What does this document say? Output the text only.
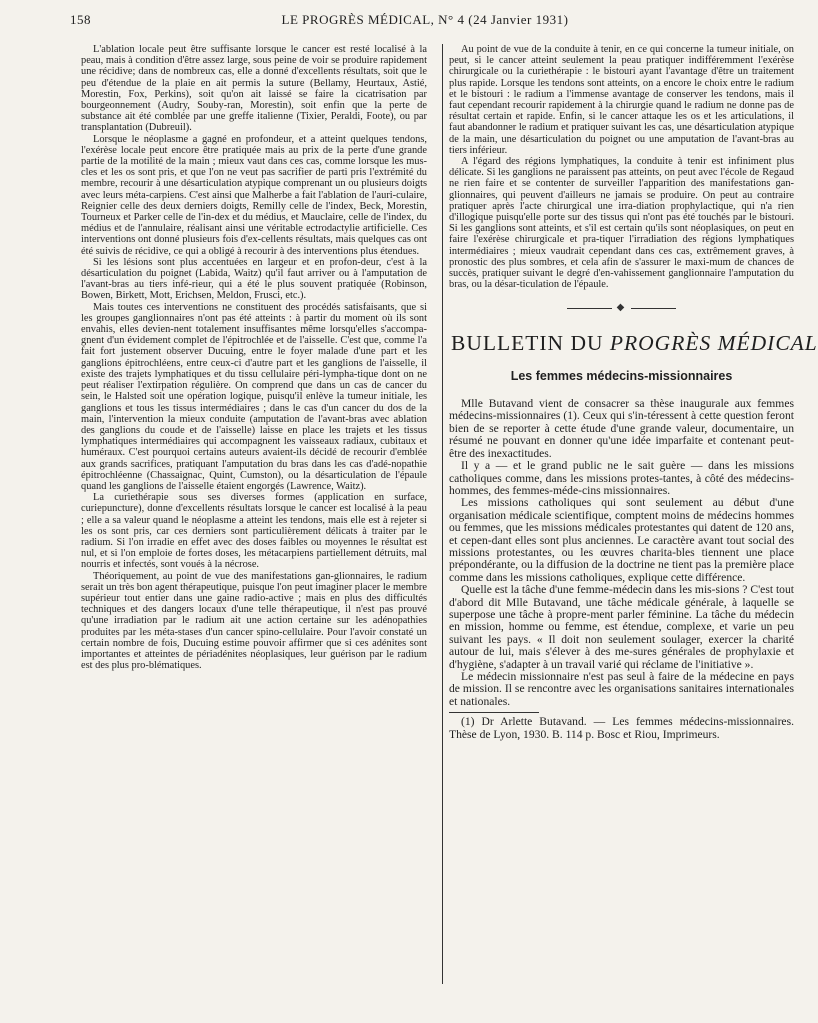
158	LE PROGRÈS MÉDICAL, N° 4 (24 Janvier 1931)

L'ablation locale peut être suffisante lorsque le cancer est resté localisé à la peau, mais à condition d'être assez large, sous peine de voir se produire rapidement une récidive; dans de nombreux cas, elle a donné d'excellents résultats, soit que le peu d'étendue de la plaie en ait permis la suture (Bellamy, Heurtaux, Astié, Morestin, Fox, Perkins), soit qu'on ait laissé se faire la cicatrisation par bourgeonnement (Audry, Souby-ran, Morestin), soit enfin que la perte de substance ait été comblée par une greffe italienne (Tixier, Peraldi, Foote), ou par transplantation (Dubreuil).

Lorsque le néoplasme a gagné en profondeur, et a atteint quelques tendons, l'exérèse locale peut encore être pratiquée mais au prix de la perte d'une grande partie de la motilité de la main ; mieux vaut dans ces cas, comme lorsque les mus-cles et les os sont pris, et que l'on ne veut pas sacrifier de parti pris l'extrémité du membre, recourir à une désarticulation atypique comprenant un ou plusieurs doigts avec leurs méta-carpiens. C'est ainsi que Malherbe a fait l'ablation de l'auri-culaire, Reignier celle des deux derniers doigts, Remilly celle de l'index, Beck, Morestin, Tourneux et Parker celle de l'in-dex et du médius, et Mauclaire, celle de l'index, du médius et de l'annulaire, réalisant ainsi une véritable ectrodactylie artificielle. Ces interventions ont donné plusieurs fois d'ex-cellents résultats, mais quelques cas ont été suivis de récidive, ce qui a obligé à recourir à des interventions plus étendues.

Si les lésions sont plus accentuées en largeur et en profon-deur, c'est à la désarticulation du poignet (Labida, Waitz) qu'il faut arriver ou à l'amputation de l'avant-bras au tiers infé-rieur, qui a été le plus souvent pratiquée (Robinson, Bowen, Birkett, Mott, Erichsen, Meldon, Frusci, etc.).

Mais toutes ces interventions ne constituent des procédés satisfaisants, que si les groupes ganglionnaires n'ont pas été atteints : à partir du moment où ils sont envahis, elles devien-nent totalement insuffisantes même lorsqu'elles s'accompa-gnent d'un évidement complet de l'épitrochlée et de l'aisselle. C'est que, comme l'a fait fort justement observer Ducuing, entre le foyer malade d'une part et les ganglions épitrochléens, entre ceux-ci d'autre part et les ganglions de l'aisselle, il existe des trajets lymphatiques et du tissu cellulaire péri-lympha-tique dont on ne peut réaliser l'extirpation régulière. On comprend que dans un cas de cancer du sein, le Halsted soit une opération logique, puisqu'il enlève la tumeur initiale, les ganglions et tous les tissus intermédiaires ; dans le cas d'un cancer du dos de la main, l'intervention la mieux conduite (amputation de l'avant-bras avec ablation des ganglions du coude et de l'aisselle) laisse en place les trajets et les tissus lymphatiques intermédiaires qui accompagnent les vaisseaux radiaux, cubitaux et huméraux. C'est pourquoi certains auteurs avaient-ils décidé de recourir d'emblée aux grands sacrifices, pratiquant l'amputation du bras dans les cas d'adé-nopathie épitrochléenne (Chassaignac, Quint, Cumston), ou la désarticulation de l'épaule quand les ganglions de l'aisselle étaient engorgés (Lawrence, Waitz).

La curiethérapie sous ses diverses formes (application en surface, curiepuncture), donne d'excellents résultats lorsque le cancer est localisé à la peau ; elle a sa valeur quand le néoplasme a atteint les tendons, mais elle est à rejeter si les os sont pris, car ces derniers sont particulièrement délicats à traiter par le radium. Si l'on irradie en effet avec des doses faibles ou moyennes le résultat est nul, et si l'on emploie de fortes doses, les métacarpiens partiellement détruits, mal nourris et infectés, sont voués à la nécrose.

Théoriquement, au point de vue des manifestations gan-glionnaires, le radium serait un très bon agent thérapeutique, puisque l'on peut imaginer placer le membre supérieur tout entier dans une gaine radio-active ; mais en plus des difficultés techniques et des dangers locaux d'une telle thérapeutique, il n'est pas prouvé qu'une irradiation par le radium ait une action certaine sur les adénopathies produites par les méta-stases d'un cancer spino-cellulaire. Pour l'avoir constaté un certain nombre de fois, Ducuing estime pouvoir affirmer que si ces adénites sont importantes et atteintes de périadénites néoplasiques, leur guérison par le radium est des plus pro-blématiques.

Au point de vue de la conduite à tenir, en ce qui concerne la tumeur initiale, on peut, si le cancer atteint seulement la peau pratiquer indifféremment l'exérèse chirurgicale ou la curiethérapie : le bistouri ayant l'avantage d'être un traitement plus rapide. Lorsque les tendons sont atteints, on a encore le choix entre le radium et le bistouri : le radium a l'immense avantage de conserver les tendons, mais il faut cependant recourir rapidement à la chirurgie quand le radium ne donne pas de résultat certain et rapide. Enfin, si le cancer attaque les os et les articulations, il faut abandonner le radium et pratiquer suivant les cas, une désarticulation atypique de la main, une désarticulation du poignet ou une amputation de l'avant-bras au tiers inférieur.

A l'égard des régions lymphatiques, la conduite à tenir est infiniment plus délicate. Si les ganglions ne paraissent pas atteints, on peut avec l'école de Regaud ne rien faire et se contenter de surveiller l'apparition des manifestations gan-glionnaires, qui peuvent d'ailleurs ne jamais se produire. On peut au contraire pratiquer après l'acte chirurgical une irra-diation prophylactique, qui n'a rien d'illogique puisqu'elle porte sur des tissus qui n'ont pas été touchés par le bistouri. Si les ganglions sont atteints, et s'il est certain qu'ils sont néoplasiques, on peut en faire l'exérèse chirurgicale et pra-tiquer l'irradiation des régions lymphatiques intermédiaires ; mieux vaudrait cependant dans ces cas, extrêmement graves, à pronostic des plus sombres, et cela afin de s'assurer le maxi-mum de chances de succès, pratiquer suivant le degré d'en-vahissement ganglionnaire l'amputation du bras, ou la désar-ticulation de l'épaule.

◆
BULLETIN DU PROGRÈS MÉDICAL
Les femmes médecins-missionnaires

Mlle Butavand vient de consacrer sa thèse inaugurale aux femmes médecins-missionnaires (1). Ceux qui s'in-téressent à cette question feront bien de se reporter à cette étude d'une grande valeur, documentaire, un résumé ne pouvant en donner qu'une idée imparfaite et contenant peut-être des inexactitudes.

Il y a — et le grand public ne le sait guère — dans les missions catholiques comme, dans les missions protes-tantes, à côté des médecins-hommes, des femmes-méde-cins missionnaires.

Les missions catholiques qui sont seulement au début d'une organisation médicale scientifique, comptent moins de médecins hommes ou femmes, que les missions médicales protestantes qui datent de 120 ans, et cepen-dant elles sont plus anciennes. Le caractère avant tout social des missions protestantes, ou les œuvres charita-bles tiennent une place prépondérante, ou la diffusion de la doctrine ne tient pas la première place comme dans les missions catholiques, explique cette différence.

Quelle est la tâche d'une femme-médecin dans les mis-sions ? C'est tout d'abord dit Mlle Butavand, une tâche médicale générale, à laquelle se superpose une tâche à propre-ment parler féminine. La tâche du médecin en mission, homme ou femme, est étendue, complexe, et varie un peu suivant les pays. « Il doit non seulement soulager, exercer la charité autour de lui, mais s'élever à des me-sures générales de prophylaxie et d'hygiène, s'adapter à un travail varié qui réclame de l'initiative ».

Le médecin missionnaire n'est pas seul à faire de la médecine en pays de mission. Il se rencontre avec les organisations sanitaires internationales et nationales.

(1) Dr Arlette Butavand. — Les femmes médecins-missionnaires. Thèse de Lyon, 1930. B. 114 p. Bosc et Riou, Imprimeurs.
